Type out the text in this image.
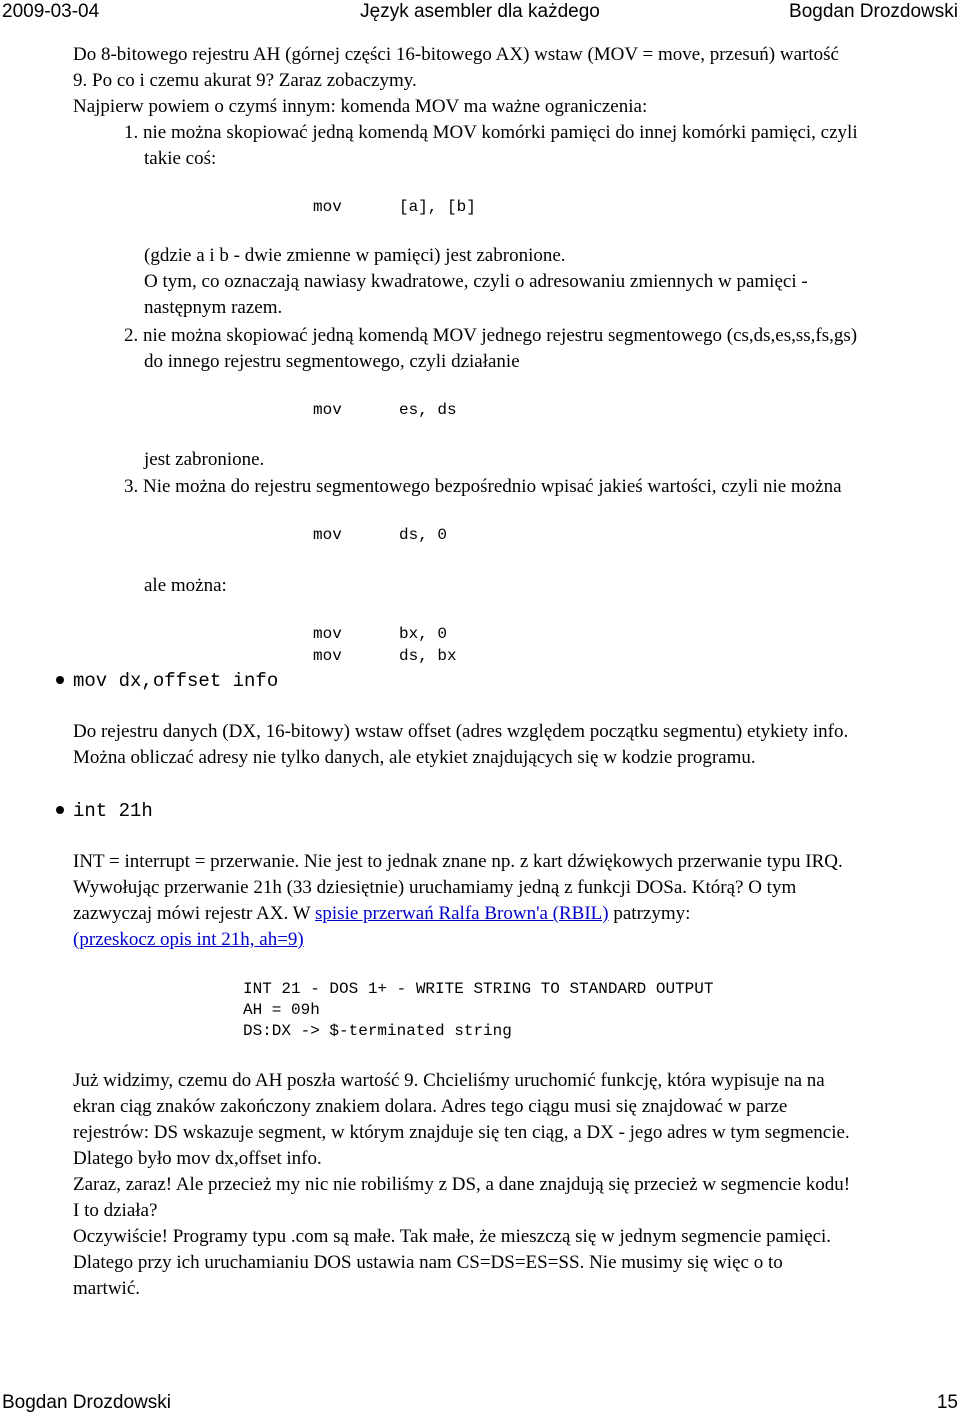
2009-03-04	Język asembler dla każdego	Bogdan Drozdowski
Do 8-bitowego rejestru AH (górnej części 16-bitowego AX) wstaw (MOV = move, przesuń) wartość
9. Po co i czemu akurat 9? Zaraz zobaczymy.
Najpierw powiem o czymś innym: komenda MOV ma ważne ograniczenia:
1. nie można skopiować jedną komendą MOV komórki pamięci do innej komórki pamięci, czyli
takie coś:
mov	[a], [b]
(gdzie a i b - dwie zmienne w pamięci) jest zabronione.
O tym, co oznaczają nawiasy kwadratowe, czyli o adresowaniu zmiennych w pamięci -
następnym razem.
2. nie można skopiować jedną komendą MOV jednego rejestru segmentowego (cs,ds,es,ss,fs,gs)
do innego rejestru segmentowego, czyli działanie
mov	es, ds
jest zabronione.
3. Nie można do rejestru segmentowego bezpośrednio wpisać jakieś wartości, czyli nie można
mov	ds, 0
ale można:
mov	bx, 0
mov	ds, bx
mov dx,offset info
Do rejestru danych (DX, 16-bitowy) wstaw offset (adres względem początku segmentu) etykiety info.
Można obliczać adresy nie tylko danych, ale etykiet znajdujących się w kodzie programu.
int 21h
INT = interrupt = przerwanie. Nie jest to jednak znane np. z kart dźwiękowych przerwanie typu IRQ.
Wywołując przerwanie 21h (33 dziesiętnie) uruchamiamy jedną z funkcji DOSa. Którą? O tym
zazwyczaj mówi rejestr AX. W spisie przerwań Ralfa Brown'a (RBIL) patrzymy:
(przeskocz opis int 21h, ah=9)
INT 21 - DOS 1+ - WRITE STRING TO STANDARD OUTPUT
AH = 09h
DS:DX -> $-terminated string
Już widzimy, czemu do AH poszła wartość 9. Chcieliśmy uruchomić funkcję, która wypisuje na na
ekran ciąg znaków zakończony znakiem dolara. Adres tego ciągu musi się znajdować w parze
rejestrów: DS wskazuje segment, w którym znajduje się ten ciąg, a DX - jego adres w tym segmencie.
Dlatego było mov dx,offset info.
Zaraz, zaraz! Ale przecież my nic nie robiliśmy z DS, a dane znajdują się przecież w segmencie kodu!
I to działa?
Oczywiście! Programy typu .com są małe. Tak małe, że mieszczą się w jednym segmencie pamięci.
Dlatego przy ich uruchamianiu DOS ustawia nam CS=DS=ES=SS. Nie musimy się więc o to
martwić.
Bogdan Drozdowski	15
